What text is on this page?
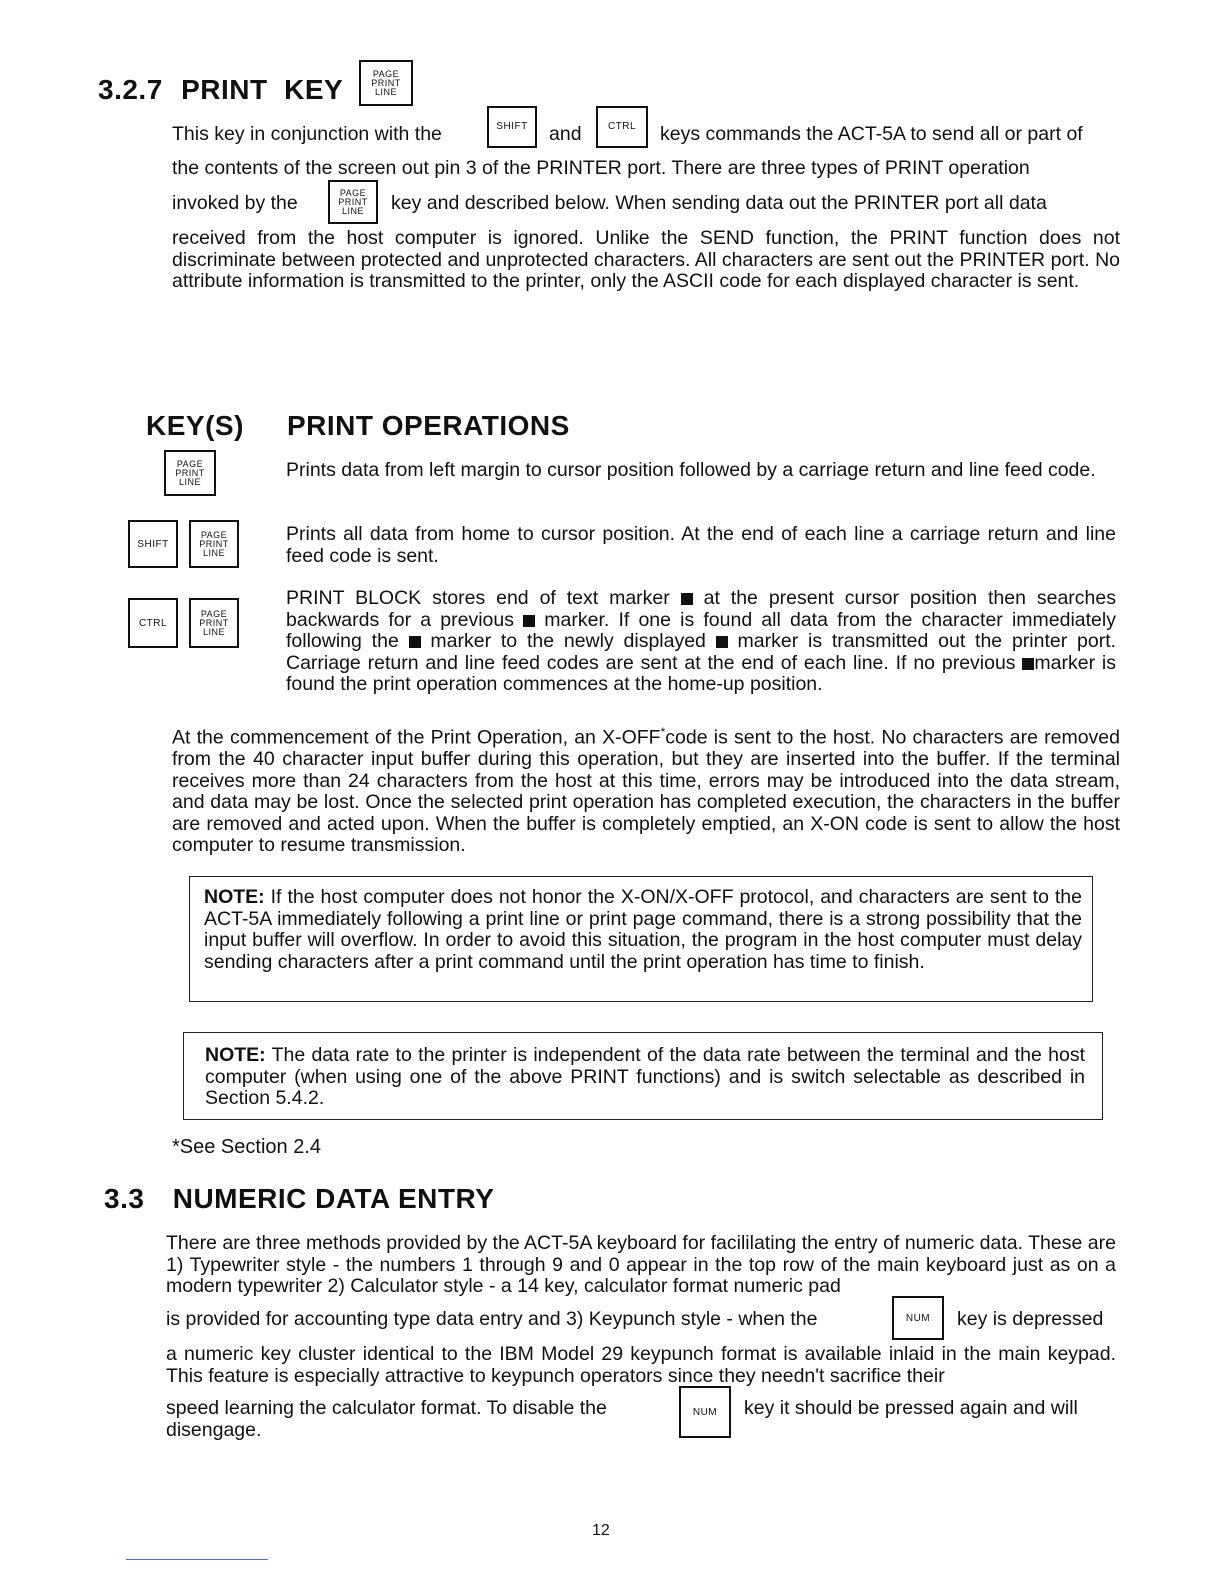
3.2.7 PRINT  KEY
PAGE
PRINT
LINE
This key in conjunction with the	SHIFT and	CTRL keys commands the ACT-5A to send all or part of
the contents of the screen out pin 3 of the PRINTER port. There are three types of PRINT operation
invoked by the	PAGE
PRINT
LINE key and described below. When sending data out the PRINTER port all data
received from the host computer is ignored. Unlike the SEND function, the PRINT function does not discriminate between protected and unprotected characters. All characters are sent out the PRINTER port. No attribute information is transmitted to the printer, only the ASCII code for each displayed character is sent.
KEY(S) PRINT OPERATIONS
PAGE
PRINT
LINE
Prints data from left margin to cursor position followed by a carriage return and line feed code.
SHIFT
PAGE
PRINT
LINE
Prints all data from home to cursor position. At the end of each line a carriage return and line feed code is sent.
CTRL
PAGE
PRINT
LINE
PRINT BLOCK stores end of text marker at the present cursor position then searches backwards for a previous marker. If one is found all data from the character immediately following the marker to the newly displayed marker is transmitted out the printer port. Carriage return and line feed codes are sent at the end of each line. If no previous marker is found the print operation commences at the home-up position.
At the commencement of the Print Operation, an X-OFF*code is sent to the host. No characters are removed from the 40 character input buffer during this operation, but they are inserted into the buffer. If the terminal receives more than 24 characters from the host at this time, errors may be introduced into the data stream, and data may be lost. Once the selected print operation has completed execution, the characters in the buffer are removed and acted upon. When the buffer is completely emptied, an X-ON code is sent to allow the host computer to resume transmission.
NOTE: If the host computer does not honor the X-ON/X-OFF protocol, and characters are sent to the ACT-5A immediately following a print line or print page command, there is a strong possibility that the input buffer will overflow. In order to avoid this situation, the program in the host computer must delay sending characters after a print command until the print operation has time to finish.
NOTE: The data rate to the printer is independent of the data rate between the terminal and the host computer (when using one of the above PRINT functions) and is switch selectable as described in Section 5.4.2.
*See Section 2.4
3.3 NUMERIC DATA ENTRY
There are three methods provided by the ACT-5A keyboard for facililating the entry of numeric data. These are 1) Typewriter style - the numbers 1 through 9 and 0 appear in the top row of the main keyboard just as on a modern typewriter 2) Calculator style - a 14 key, calculator format numeric pad
is provided for accounting type data entry and 3) Keypunch style - when the	NUM key is depressed
a numeric key cluster identical to the IBM Model 29 keypunch format is available inlaid in the main keypad. This feature is especially attractive to keypunch operators since they needn't sacrifice their
speed learning the calculator format. To disable the	NUM key it should be pressed again and will
disengage.
12
